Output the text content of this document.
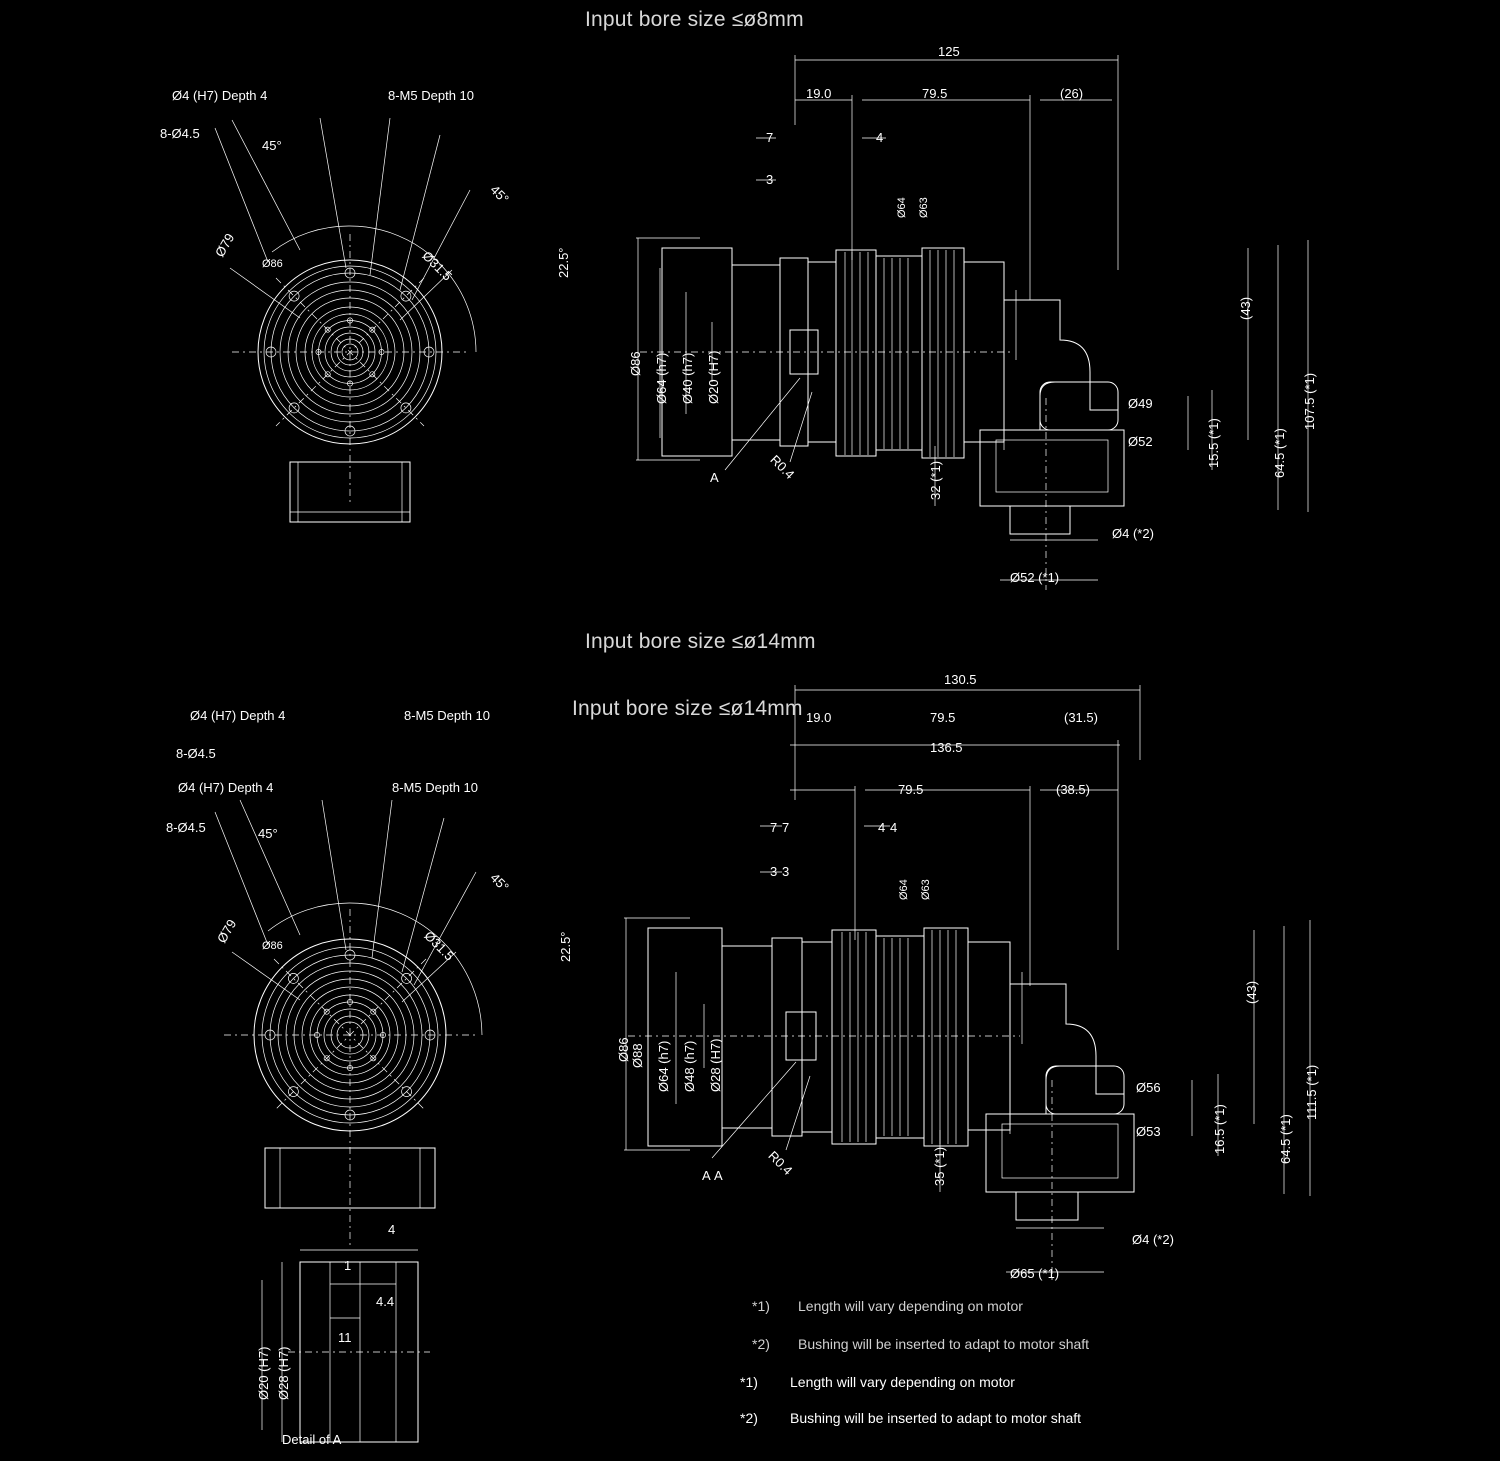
Input bore size ≤ø8mm
Input bore size ≤ø14mm
Input bore size ≤ø14mm
Ø4 (H7) Depth 4	8-M5 Depth 10
8-Ø4.5
Ø79
Ø31.5
Ø86
45°
45°
22.5°
125
19.0	79.5	(26)
7	4
3
Ø64 Ø63
Ø86 Ø64 (h7) Ø40 (h7) Ø20 (H7)
(43)
107.5 (*1)
64.5 (*1)
15.5 (*1)
Ø49
Ø52
32 (*1)
Ø4 (*2)
Ø52 (*1)
A	R0.4
Ø4 (H7) Depth 4	8-M5 Depth 10
8-Ø4.5
Ø4 (H7) Depth 4	8-M5 Depth 10
8-Ø4.5
Ø79	Ø31.5
Ø86
45°
45°
22.5°
4
1
4.4
11
Ø28 (H7)
Ø20 (H7)
Detail of A
130.5
19.0	79.5	(31.5)
136.5
79.5	(38.5)
7	4
3
7	4
3
Ø64 Ø63
Ø86 Ø88 Ø64 (h7) Ø48 (h7) Ø28 (H7)
(43)
111.5 (*1)
64.5 (*1)
16.5 (*1)
Ø56
Ø53
35 (*1)
Ø4 (*2)
Ø65 (*1)
A A	R0.4
*1) Length will vary depending on motor
*2) Bushing will be inserted to adapt to motor shaft
*1) Length will vary depending on motor
*2) Bushing will be inserted to adapt to motor shaft
